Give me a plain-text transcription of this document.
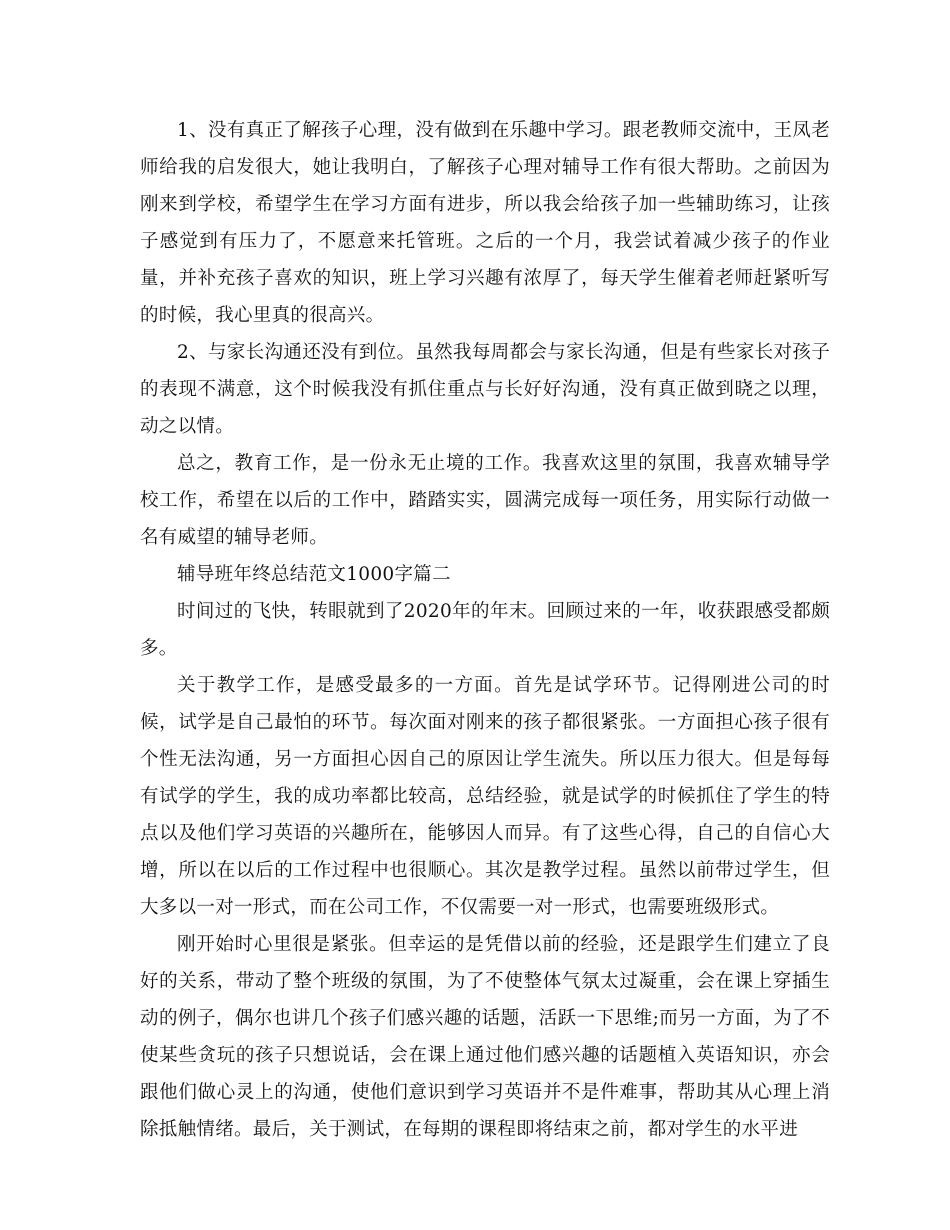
1、没有真正了解孩子心理，没有做到在乐趣中学习。跟老教师交流中，王凤老师给我的启发很大，她让我明白，了解孩子心理对辅导工作有很大帮助。之前因为刚来到学校，希望学生在学习方面有进步，所以我会给孩子加一些辅助练习，让孩子感觉到有压力了，不愿意来托管班。之后的一个月，我尝试着减少孩子的作业量，并补充孩子喜欢的知识，班上学习兴趣有浓厚了，每天学生催着老师赶紧听写的时候，我心里真的很高兴。

2、与家长沟通还没有到位。虽然我每周都会与家长沟通，但是有些家长对孩子的表现不满意，这个时候我没有抓住重点与长好好沟通，没有真正做到晓之以理，动之以情。

总之，教育工作，是一份永无止境的工作。我喜欢这里的氛围，我喜欢辅导学校工作，希望在以后的工作中，踏踏实实，圆满完成每一项任务，用实际行动做一名有威望的辅导老师。

辅导班年终总结范文1000字篇二

时间过的飞快，转眼就到了2020年的年末。回顾过来的一年，收获跟感受都颇多。

关于教学工作，是感受最多的一方面。首先是试学环节。记得刚进公司的时候，试学是自己最怕的环节。每次面对刚来的孩子都很紧张。一方面担心孩子很有个性无法沟通，另一方面担心因自己的原因让学生流失。所以压力很大。但是每每有试学的学生，我的成功率都比较高，总结经验，就是试学的时候抓住了学生的特点以及他们学习英语的兴趣所在，能够因人而异。有了这些心得，自己的自信心大增，所以在以后的工作过程中也很顺心。其次是教学过程。虽然以前带过学生，但大多以一对一形式，而在公司工作，不仅需要一对一形式，也需要班级形式。

刚开始时心里很是紧张。但幸运的是凭借以前的经验，还是跟学生们建立了良好的关系，带动了整个班级的氛围，为了不使整体气氛太过凝重，会在课上穿插生动的例子，偶尔也讲几个孩子们感兴趣的话题，活跃一下思维;而另一方面，为了不使某些贪玩的孩子只想说话，会在课上通过他们感兴趣的话题植入英语知识，亦会跟他们做心灵上的沟通，使他们意识到学习英语并不是件难事，帮助其从心理上消除抵触情绪。最后，关于测试，在每期的课程即将结束之前，都对学生的水平进
